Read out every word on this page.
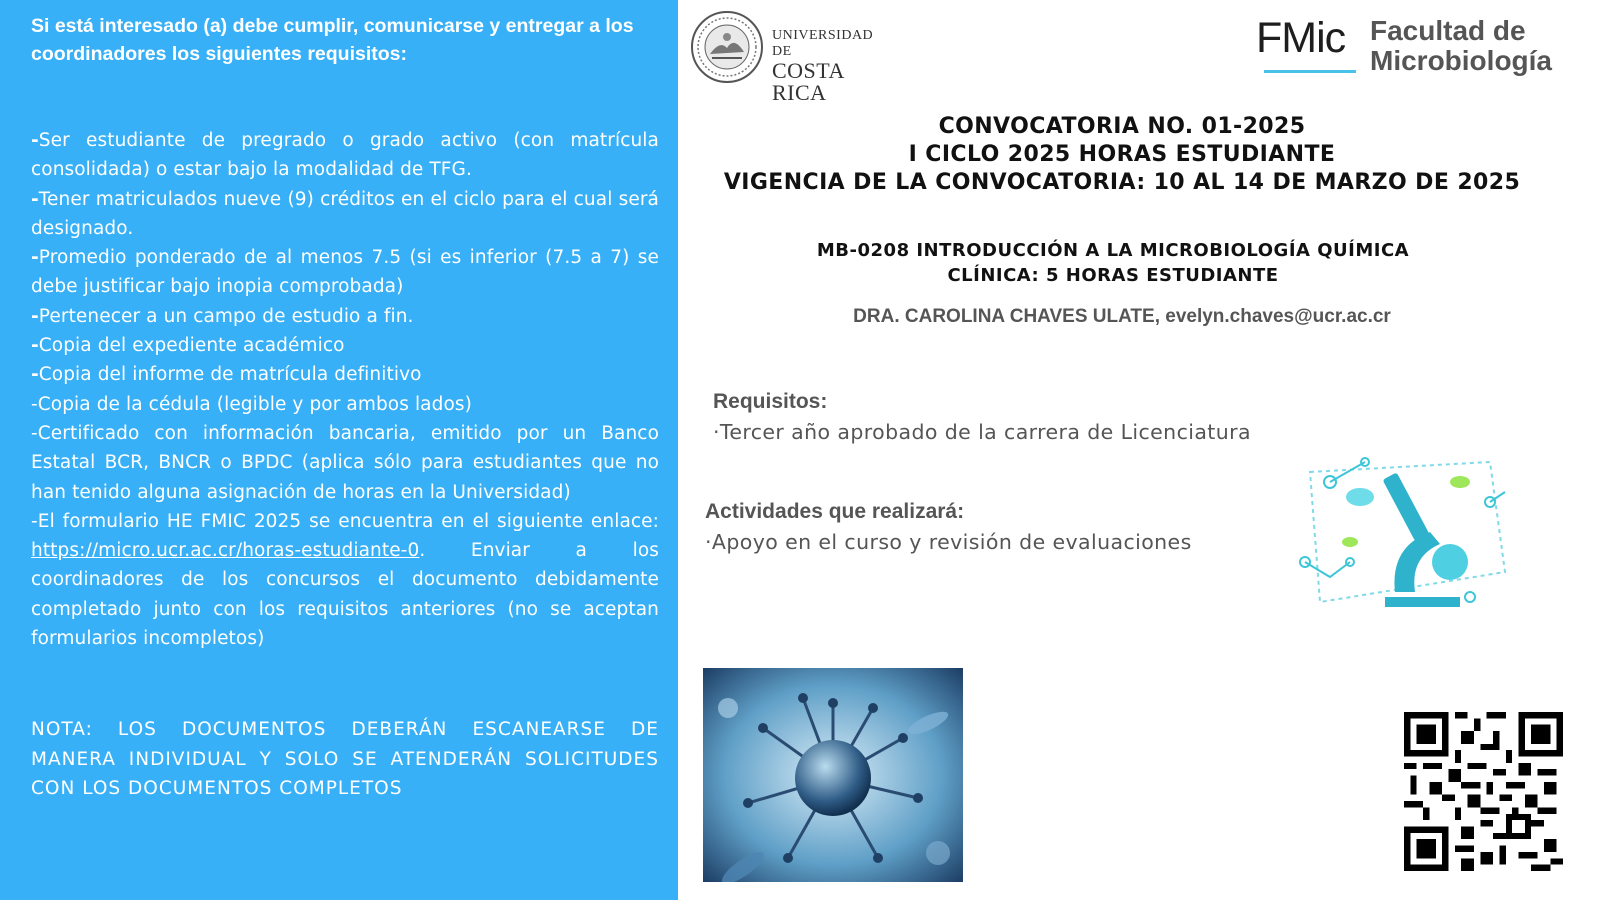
Si está interesado (a) debe cumplir, comunicarse y entregar a los coordinadores los siguientes requisitos:

-Ser estudiante de pregrado o grado activo (con matrícula consolidada) o estar bajo la modalidad de TFG.

-Tener matriculados nueve (9) créditos en el ciclo para el cual será designado.

-Promedio ponderado de al menos 7.5 (si es inferior (7.5 a 7) se debe justificar bajo inopia comprobada)

-Pertenecer a un campo de estudio a fin.

-Copia del expediente académico

-Copia del informe de matrícula definitivo

-Copia de la cédula (legible y por ambos lados)

-Certificado con información bancaria, emitido por un Banco Estatal BCR, BNCR o BPDC (aplica sólo para estudiantes que no han tenido alguna asignación de horas en la Universidad)

-El formulario HE FMIC 2025 se encuentra en el siguiente enlace: https://micro.ucr.ac.cr/horas-estudiante-0. Enviar a los coordinadores de los concursos el documento debidamente completado junto con los requisitos anteriores (no se aceptan formularios incompletos)

NOTA: LOS DOCUMENTOS DEBERÁN ESCANEARSE DE MANERA INDIVIDUAL Y SOLO SE ATENDERÁN SOLICITUDES CON LOS DOCUMENTOS COMPLETOS

UNIVERSIDAD DE
COSTA RICA
FMic Facultad de
Microbiología

CONVOCATORIA NO. 01-2025

I CICLO 2025 HORAS ESTUDIANTE

VIGENCIA DE LA CONVOCATORIA: 10 AL 14 DE MARZO DE 2025

MB-0208 INTRODUCCIÓN A LA MICROBIOLOGÍA QUÍMICA

CLÍNICA: 5 HORAS ESTUDIANTE

DRA. CAROLINA CHAVES ULATE, evelyn.chaves@ucr.ac.cr

Requisitos:

·Tercer año aprobado de la carrera de Licenciatura

Actividades que realizará:

·Apoyo en el curso y revisión de evaluaciones
